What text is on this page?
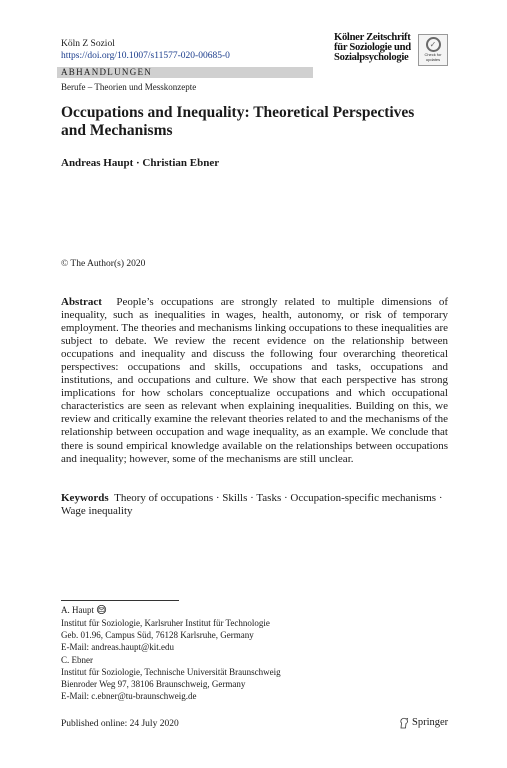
Köln Z Soziol
https://doi.org/10.1007/s11577-020-00685-0
Kölner Zeitschrift
für Soziologie und
Sozialpsychologie
✓
Check for
updates
ABHANDLUNGEN
Berufe – Theorien und Messkonzepte
Occupations and Inequality: Theoretical Perspectives
and Mechanisms
Andreas Haupt · Christian Ebner
© The Author(s) 2020
Abstract People’s occupations are strongly related to multiple dimensions of inequality, such as inequalities in wages, health, autonomy, or risk of temporary employment. The theories and mechanisms linking occupations to these inequalities are subject to debate. We review the recent evidence on the relationship between occupations and inequality and discuss the following four overarching theoretical perspectives: occupations and skills, occupations and tasks, occupations and institutions, and occupations and culture. We show that each perspective has strong implications for how scholars conceptualize occupations and which occupational characteristics are seen as relevant when explaining inequalities. Building on this, we review and critically examine the relevant theories related to and the mechanisms of the relationship between occupation and wage inequality, as an example. We conclude that there is sound empirical knowledge available on the relationships between occupations and inequality; however, some of the mechanisms are still unclear.
Keywords Theory of occupations · Skills · Tasks · Occupation-specific mechanisms · Wage inequality
A. Haupt
Institut für Soziologie, Karlsruher Institut für Technologie
Geb. 01.96, Campus Süd, 76128 Karlsruhe, Germany
E-Mail: andreas.haupt@kit.edu
C. Ebner
Institut für Soziologie, Technische Universität Braunschweig
Bienroder Weg 97, 38106 Braunschweig, Germany
E-Mail: c.ebner@tu-braunschweig.de
Published online: 24 July 2020	Springer
